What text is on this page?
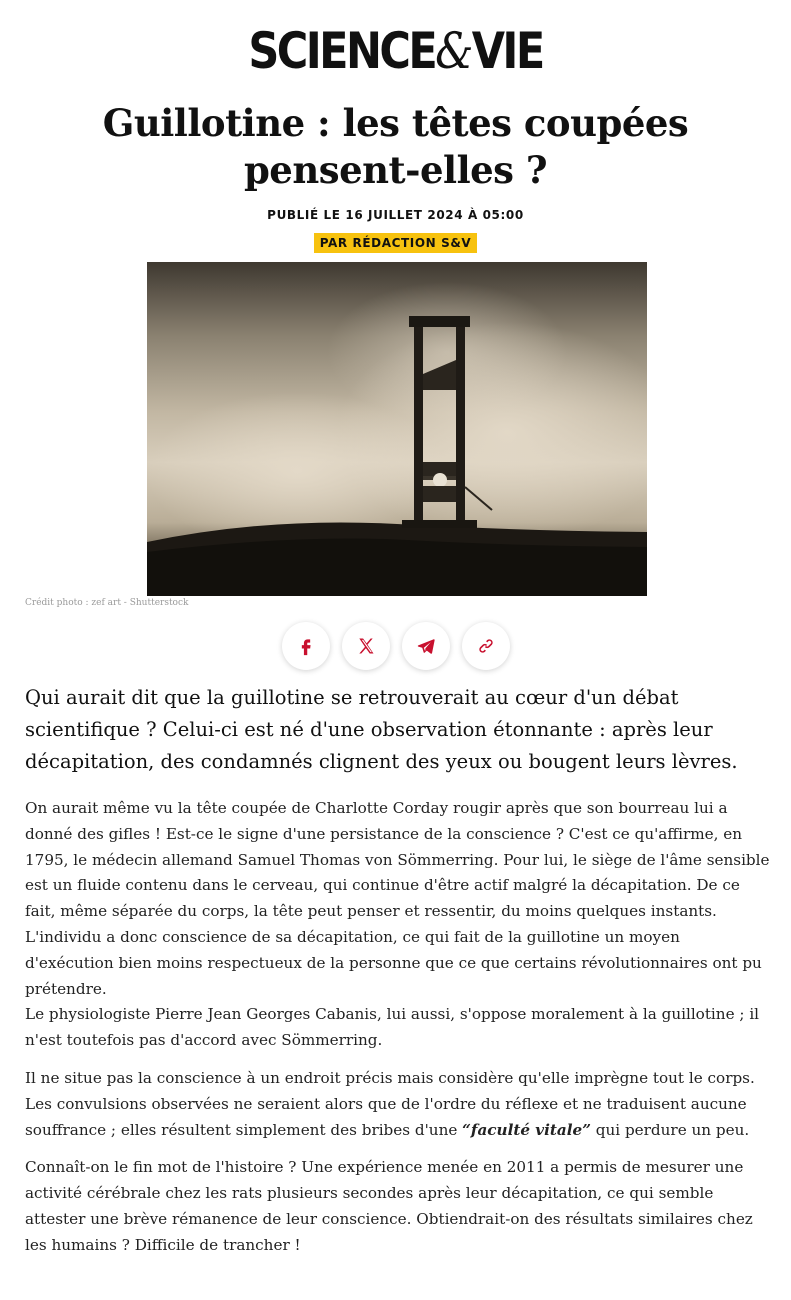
SCIENCE&VIE
Guillotine : les têtes coupées pensent-elles ?
PUBLIÉ LE 16 JUILLET 2024 À 05:00
PAR RÉDACTION S&V
Crédit photo : zef art - Shutterstock

Qui aurait dit que la guillotine se retrouverait au cœur d'un débat scientifique ? Celui-ci est né d'une observation étonnante : après leur décapitation, des condamnés clignent des yeux ou bougent leurs lèvres.

On aurait même vu la tête coupée de Charlotte Corday rougir après que son bourreau lui a donné des gifles ! Est-ce le signe d'une persistance de la conscience ? C'est ce qu'affirme, en 1795, le médecin allemand Samuel Thomas von Sömmerring. Pour lui, le siège de l'âme sensible est un fluide contenu dans le cerveau, qui continue d'être actif malgré la décapitation. De ce fait, même séparée du corps, la tête peut penser et ressentir, du moins quelques instants. L'individu a donc conscience de sa décapitation, ce qui fait de la guillotine un moyen d'exécution bien moins respectueux de la personne que ce que certains révolutionnaires ont pu prétendre.

Le physiologiste Pierre Jean Georges Cabanis, lui aussi, s'oppose moralement à la guillotine ; il n'est toutefois pas d'accord avec Sömmerring.

Il ne situe pas la conscience à un endroit précis mais considère qu'elle imprègne tout le corps. Les convulsions observées ne seraient alors que de l'ordre du réflexe et ne traduisent aucune souffrance ; elles résultent simplement des bribes d'une “faculté vitale” qui perdure un peu.

Connaît-on le fin mot de l'histoire ? Une expérience menée en 2011 a permis de mesurer une activité cérébrale chez les rats plusieurs secondes après leur décapitation, ce qui semble attester une brève rémanence de leur conscience. Obtiendrait-on des résultats similaires chez les humains ? Difficile de trancher !
